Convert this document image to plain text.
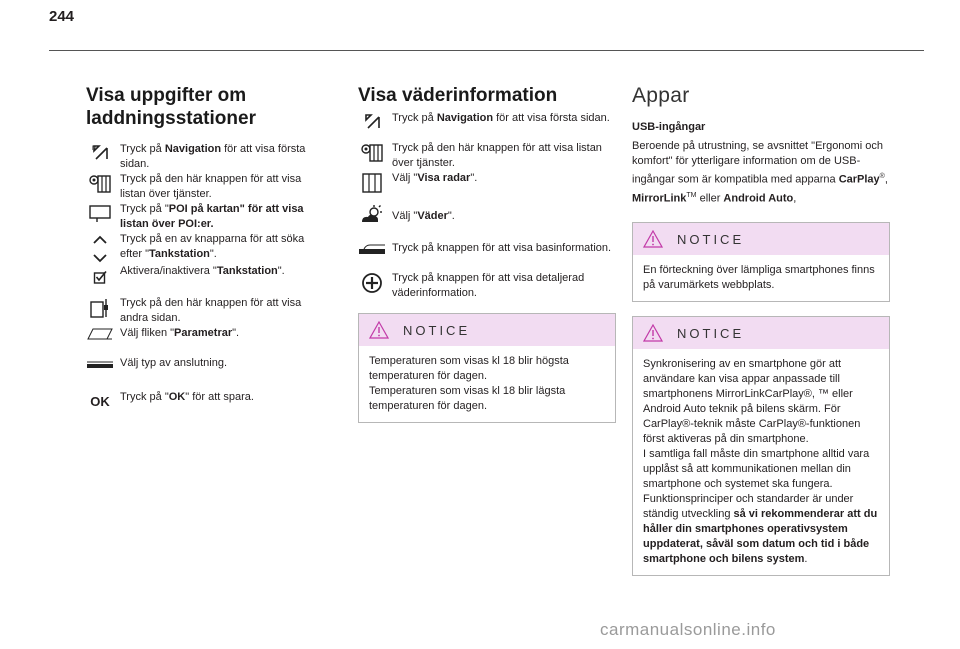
244
Visa uppgifter om laddningsstationer
N Tryck på Navigation för att visa första sidan.
Tryck på den här knappen för att visa listan över tjänster.
Tryck på "POI på kartan" för att visa listan över POI:er.
Tryck på en av knapparna för att söka efter "Tankstation".
Aktivera/inaktivera "Tankstation".
Tryck på den här knappen för att visa andra sidan.
Välj fliken "Parametrar".
Välj typ av anslutning.
OK Tryck på "OK" för att spara.
Visa väderinformation
Tryck på Navigation för att visa första sidan.
Tryck på den här knappen för att visa listan över tjänster.
Välj "Visa radar".
Välj "Väder".
Tryck på knappen för att visa basinformation.
Tryck på knappen för att visa detaljerad väderinformation.
NOTICE
Temperaturen som visas kl 18 blir högsta temperaturen för dagen.
Temperaturen som visas kl 18 blir lägsta temperaturen för dagen.
Appar
USB-ingångar
Beroende på utrustning, se avsnittet "Ergonomi och komfort" för ytterligare information om de USB-ingångar som är kompatibla med apparna CarPlay®, MirrorLink™ eller Android Auto,
NOTICE
En förteckning över lämpliga smartphones finns på varumärkets webbplats.
NOTICE
Synkronisering av en smartphone gör att användare kan visa appar anpassade till smartphonens MirrorLinkCarPlay®, ™ eller Android Auto teknik på bilens skärm. För CarPlay®-teknik måste CarPlay®-funktionen först aktiveras på din smartphone.
I samtliga fall måste din smartphone alltid vara upplåst så att kommunikationen mellan din smartphone och systemet ska fungera.
Funktionsprinciper och standarder är under ständig utveckling så vi rekommenderar att du håller din smartphones operativsystem uppdaterat, såväl som datum och tid i både smartphone och bilens system.
carmanualsonline.info
